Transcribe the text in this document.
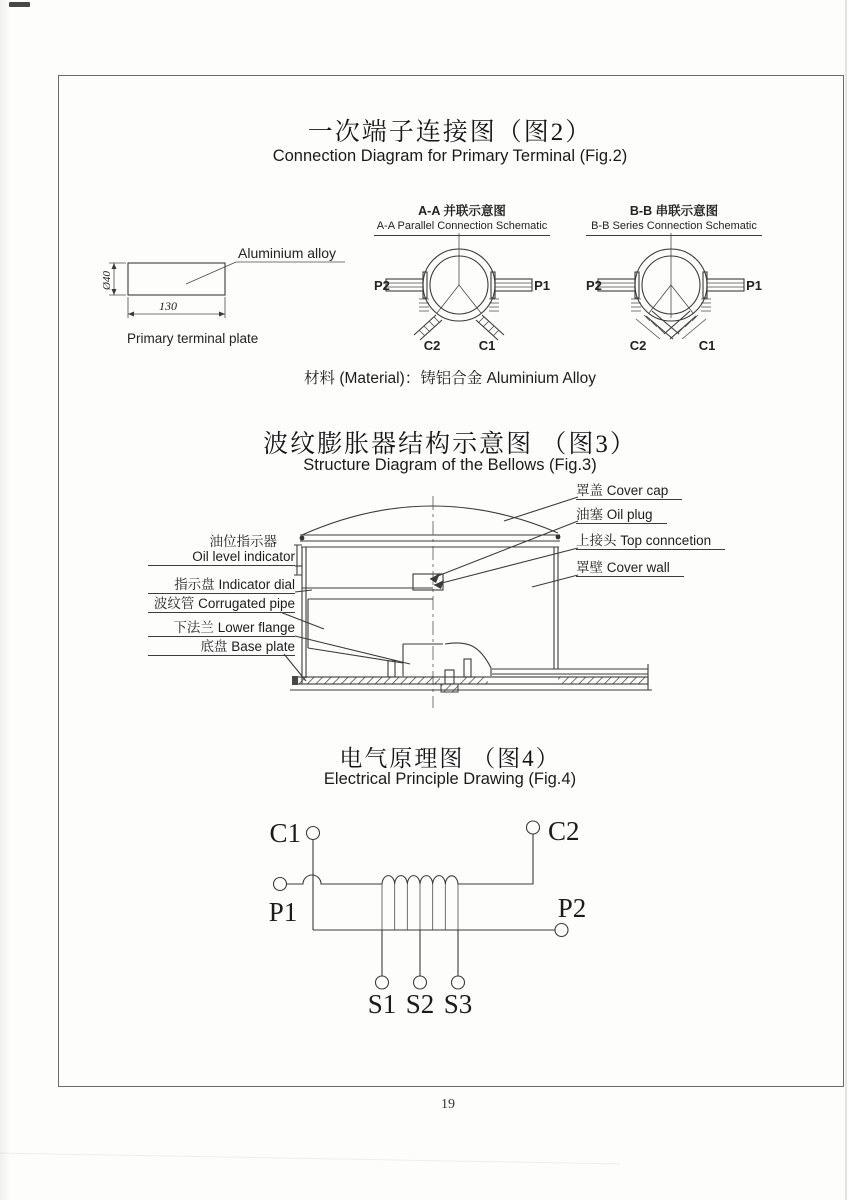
一次端子连接图（图2）
Connection Diagram for Primary Terminal (Fig.2)
Aluminium alloy
Ø40
130
Primary terminal plate
A-A 并联示意图
A-A Parallel Connection Schematic
P2	P1
C2	C1
B-B 串联示意图
B-B Series Connection Schematic
P2	P1
C2	C1
材料 (Material)：铸铝合金 Aluminium Alloy
波纹膨胀器结构示意图 （图3）
Structure Diagram of the Bellows (Fig.3)
油位指示器
Oil level indicator
指示盘 Indicator dial
波纹管 Corrugated pipe
下法兰 Lower flange
底盘 Base plate
罩盖 Cover cap
油塞 Oil plug
上接头 Top conncetion
罩壁 Cover wall
电气原理图 （图4）
Electrical Principle Drawing (Fig.4)
C1	C2
P1	P2
S1 S2 S3
19
